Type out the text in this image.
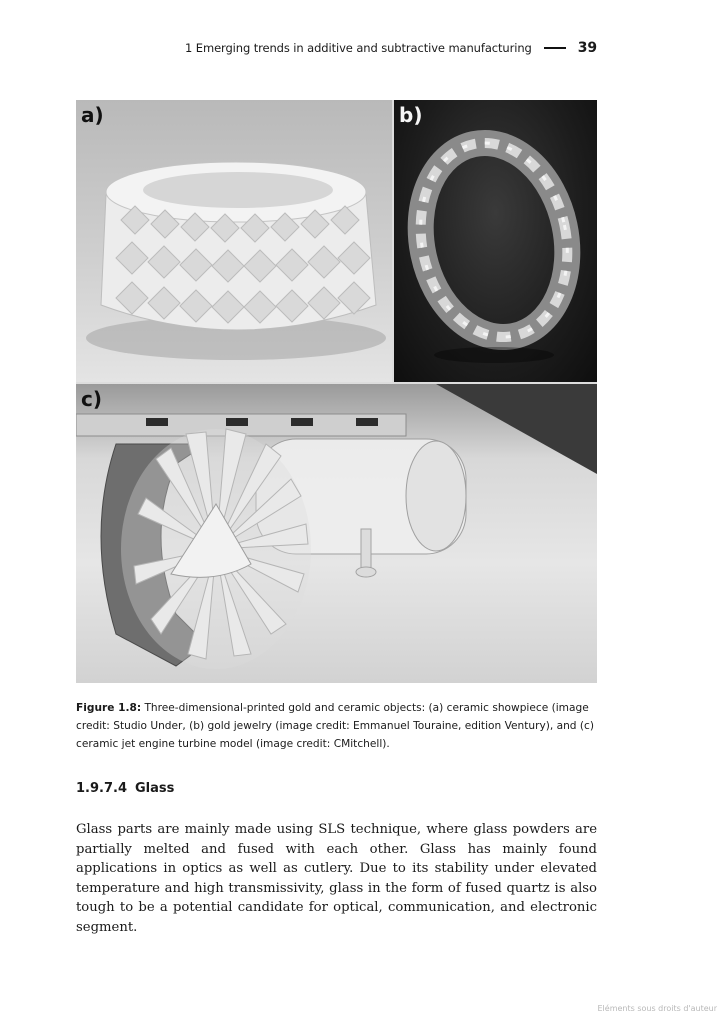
1 Emerging trends in additive and subtractive manufacturing	39
a)	b)
c)
Figure 1.8: Three-dimensional-printed gold and ceramic objects: (a) ceramic showpiece (image credit: Studio Under, (b) gold jewelry (image credit: Emmanuel Touraine, edition Ventury), and (c) ceramic jet engine turbine model (image credit: CMitchell).
1.9.7.4 Glass

Glass parts are mainly made using SLS technique, where glass powders are partially melted and fused with each other. Glass has mainly found applications in optics as well as cutlery. Due to its stability under elevated temperature and high transmissivity, glass in the form of fused quartz is also tough to be a potential candidate for optical, communication, and electronic segment.

Eléments sous droits d'auteur
